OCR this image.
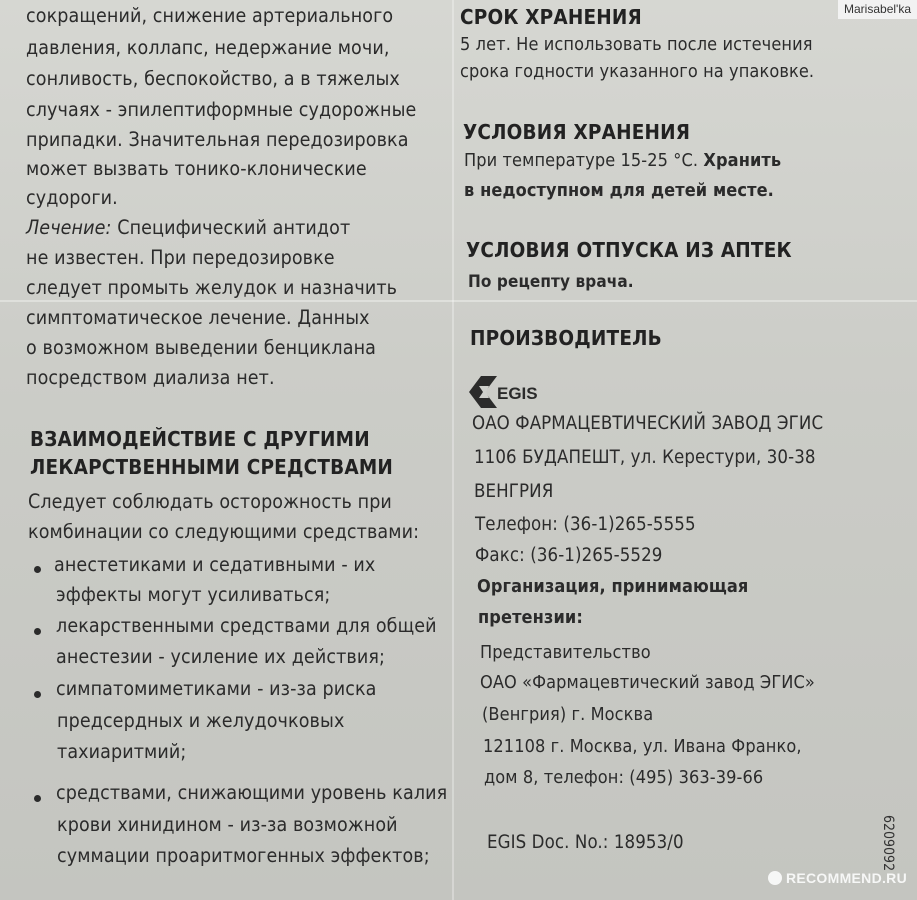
сокращений, снижение артериального
давления, коллапс, недержание мочи,
сонливость, беспокойство, а в тяжелых
случаях - эпилептиформные судорожные
припадки. Значительная передозировка
может вызвать тонико-клонические
судороги.
Лечение: Специфический антидот
не известен. При передозировке
следует промыть желудок и назначить
симптоматическое лечение. Данных
о возможном выведении бенциклана
посредством диализа нет.
ВЗАИМОДЕЙСТВИЕ С ДРУГИМИ
ЛЕКАРСТВЕННЫМИ СРЕДСТВАМИ
Следует соблюдать осторожность при
комбинации со следующими средствами:
анестетиками и седативными - их
эффекты могут усиливаться;
лекарственными средствами для общей
анестезии - усиление их действия;
симпатомиметиками - из-за риска
предсердных и желудочковых
тахиаритмий;
средствами, снижающими уровень калия
крови хинидином - из-за возможной
суммации проаритмогенных эффектов;
СРОК ХРАНЕНИЯ
5 лет. Не использовать после истечения
срока годности указанного на упаковке.
УСЛОВИЯ ХРАНЕНИЯ
При температуре 15-25 °С. Хранить
в недоступном для детей месте.
УСЛОВИЯ ОТПУСКА ИЗ АПТЕК
По рецепту врача.
ПРОИЗВОДИТЕЛЬ
ОАО ФАРМАЦЕВТИЧЕСКИЙ ЗАВОД ЭГИС
1106 БУДАПЕШТ, ул. Керестури, 30-38
ВЕНГРИЯ
Телефон: (36-1)265-5555
Факс: (36-1)265-5529
Организация, принимающая
претензии:
Представительство
ОАО «Фармацевтический завод ЭГИС»
(Венгрия) г. Москва
121108 г. Москва, ул. Ивана Франко,
дом 8, телефон: (495) 363-39-66
EGIS Doc. No.: 18953/0
EGIS
6209092
Marisabel'ka
RECOMMEND.RU
